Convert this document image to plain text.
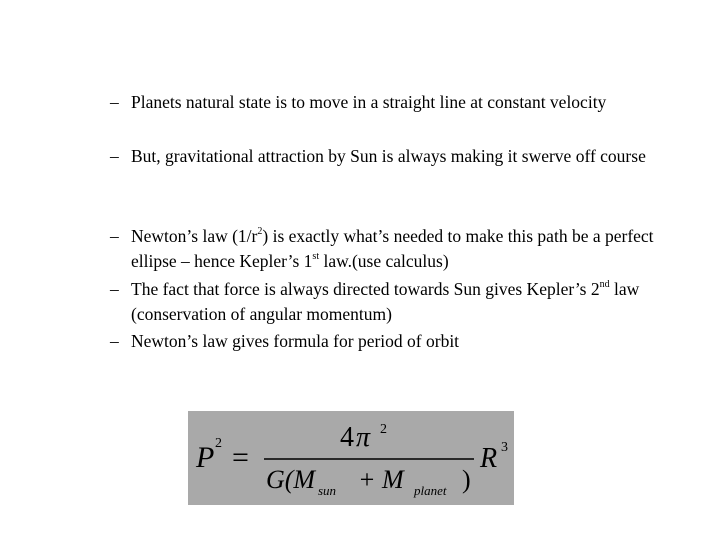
– Planets natural state is to move in a straight line at constant velocity
– But, gravitational attraction by Sun is always making it swerve off course
– Newton’s law $(1/r^2)$ is exactly what’s needed to make this path be a perfect ellipse – hence Kepler’s 1st law.(use calculus)
– The fact that force is always directed towards Sun gives Kepler’s 2nd law (conservation of angular momentum)
– Newton’s law gives formula for period of orbit
P 2 =
4 π 2
G(M sun + M planet )
R 3
